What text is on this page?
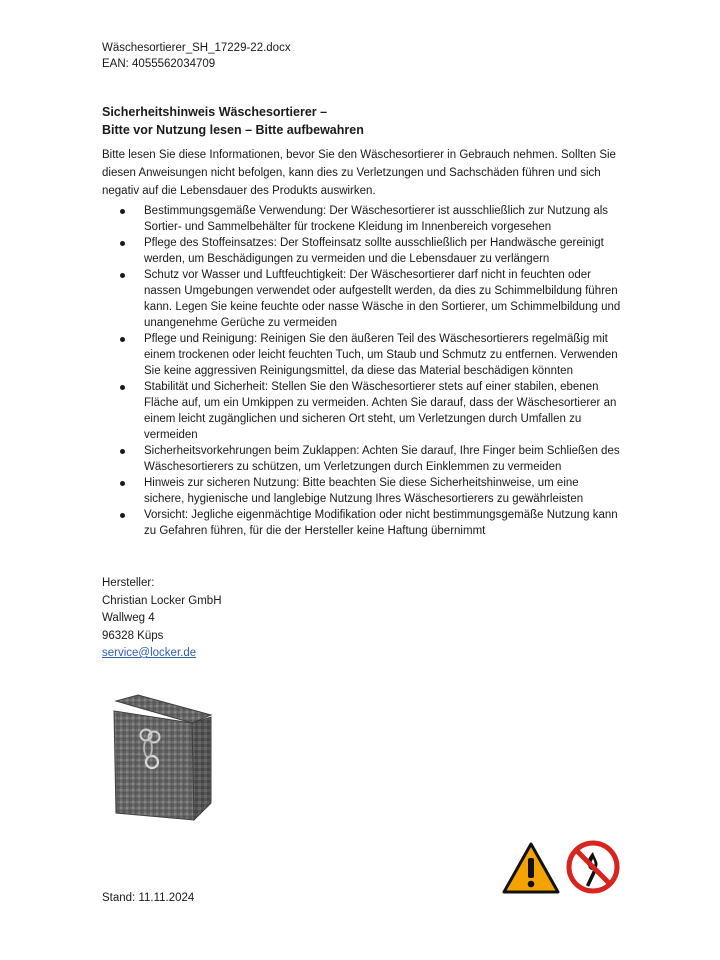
Wäschesortierer_SH_17229-22.docx
EAN: 4055562034709
Sicherheitshinweis Wäschesortierer –
Bitte vor Nutzung lesen – Bitte aufbewahren
Bitte lesen Sie diese Informationen, bevor Sie den Wäschesortierer in Gebrauch nehmen. Sollten Sie diesen Anweisungen nicht befolgen, kann dies zu Verletzungen und Sachschäden führen und sich negativ auf die Lebensdauer des Produkts auswirken.
Bestimmungsgemäße Verwendung: Der Wäschesortierer ist ausschließlich zur Nutzung als Sortier- und Sammelbehälter für trockene Kleidung im Innenbereich vorgesehen
Pflege des Stoffeinsatzes: Der Stoffeinsatz sollte ausschließlich per Handwäsche gereinigt werden, um Beschädigungen zu vermeiden und die Lebensdauer zu verlängern
Schutz vor Wasser und Luftfeuchtigkeit: Der Wäschesortierer darf nicht in feuchten oder nassen Umgebungen verwendet oder aufgestellt werden, da dies zu Schimmelbildung führen kann. Legen Sie keine feuchte oder nasse Wäsche in den Sortierer, um Schimmelbildung und unangenehme Gerüche zu vermeiden
Pflege und Reinigung: Reinigen Sie den äußeren Teil des Wäschesortierers regelmäßig mit einem trockenen oder leicht feuchten Tuch, um Staub und Schmutz zu entfernen. Verwenden Sie keine aggressiven Reinigungsmittel, da diese das Material beschädigen könnten
Stabilität und Sicherheit: Stellen Sie den Wäschesortierer stets auf einer stabilen, ebenen Fläche auf, um ein Umkippen zu vermeiden. Achten Sie darauf, dass der Wäschesortierer an einem leicht zugänglichen und sicheren Ort steht, um Verletzungen durch Umfallen zu vermeiden
Sicherheitsvorkehrungen beim Zuklappen: Achten Sie darauf, Ihre Finger beim Schließen des Wäschesortierers zu schützen, um Verletzungen durch Einklemmen zu vermeiden
Hinweis zur sicheren Nutzung: Bitte beachten Sie diese Sicherheitshinweise, um eine sichere, hygienische und langlebige Nutzung Ihres Wäschesortierers zu gewährleisten
Vorsicht: Jegliche eigenmächtige Modifikation oder nicht bestimmungsgemäße Nutzung kann zu Gefahren führen, für die der Hersteller keine Haftung übernimmt
Hersteller:
Christian Locker GmbH
Wallweg 4
96328 Küps
service@locker.de
Stand: 11.11.2024
